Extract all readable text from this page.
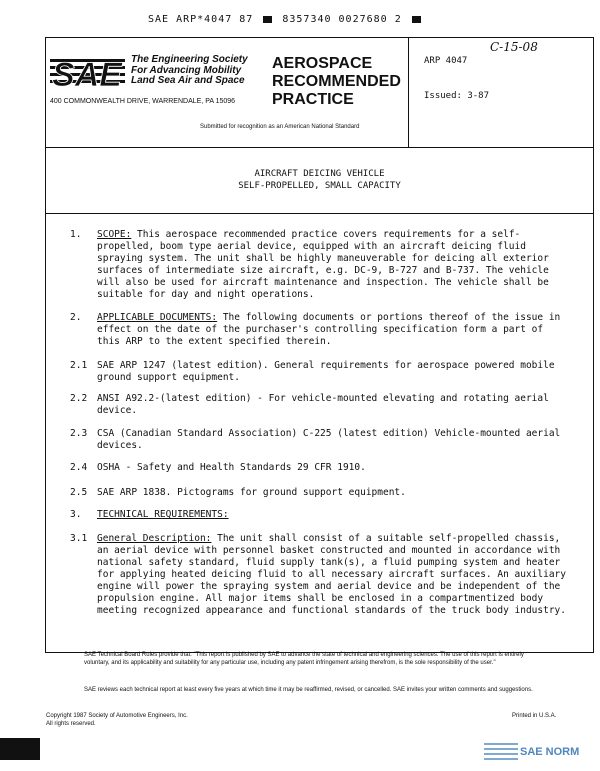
SAE ARP*4047 87	8357340 0027680 2
SAE The Engineering Society
For Advancing Mobility
Land Sea Air and Space
400 COMMONWEALTH DRIVE, WARRENDALE, PA 15096
AEROSPACE
RECOMMENDED
PRACTICE
Submitted for recognition as an American National Standard
ARP 4047
Issued: 3-87
C-15-08
AIRCRAFT DEICING VEHICLE
SELF-PROPELLED, SMALL CAPACITY
1. SCOPE: This aerospace recommended practice covers requirements for a self-propelled, boom type aerial device, equipped with an aircraft deicing fluid spraying system. The unit shall be highly maneuverable for deicing all exterior surfaces of intermediate size aircraft, e.g. DC-9, B-727 and B-737. The vehicle will also be used for aircraft maintenance and inspection. The vehicle shall be suitable for day and night operations.
2. APPLICABLE DOCUMENTS: The following documents or portions thereof of the issue in effect on the date of the purchaser's controlling specification form a part of this ARP to the extent specified therein.
2.1 SAE ARP 1247 (latest edition). General requirements for aerospace powered mobile ground support equipment.
2.2 ANSI A92.2-(latest edition) - For vehicle-mounted elevating and rotating aerial device.
2.3 CSA (Canadian Standard Association) C-225 (latest edition) Vehicle-mounted aerial devices.
2.4 OSHA - Safety and Health Standards 29 CFR 1910.
2.5 SAE ARP 1838. Pictograms for ground support equipment.
3. TECHNICAL REQUIREMENTS:
3.1 General Description: The unit shall consist of a suitable self-propelled chassis, an aerial device with personnel basket constructed and mounted in accordance with national safety standard, fluid supply tank(s), a fluid pumping system and heater for applying heated deicing fluid to all necessary aircraft surfaces. An auxiliary engine will power the spraying system and aerial device and be independent of the propulsion engine. All major items shall be enclosed in a compartmentized body meeting recognized appearance and functional standards of the truck body industry.
SAE Technical Board Rules provide that: "This report is published by SAE to advance the state of technical and engineering sciences. The use of this report is entirely voluntary, and its applicability and suitability for any particular use, including any patent infringement arising therefrom, is the sole responsibility of the user."
SAE reviews each technical report at least every five years at which time it may be reaffirmed, revised, or cancelled. SAE invites your written comments and suggestions.
Copyright 1987 Society of Automotive Engineers, Inc.
All rights reserved.
Printed in U.S.A.
SAE NORM
